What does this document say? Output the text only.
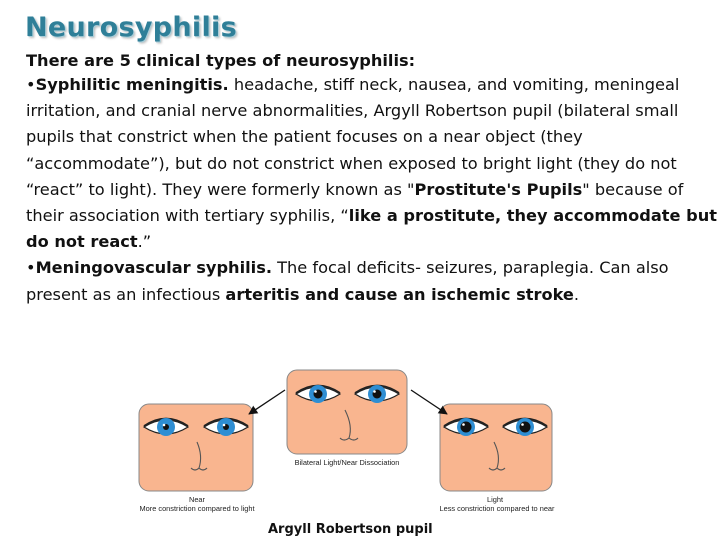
Neurosyphilis

There are 5 clinical types of neurosyphilis:

•Syphilitic meningitis. headache, stiff neck, nausea, and vomiting, meningeal irritation, and cranial nerve abnormalities, Argyll Robertson pupil (bilateral small pupils that constrict when the patient focuses on a near object (they “accommodate”), but do not constrict when exposed to bright light (they do not “react” to light). They were formerly known as "Prostitute's Pupils" because of their association with tertiary syphilis, “like a prostitute, they accommodate but do not react.”

•Meningovascular syphilis. The focal deficits- seizures, paraplegia. Can also present as an infectious arteritis and cause an ischemic stroke.

Bilateral Light/Near Dissociation
Near
More constriction compared to light
Light
Less constriction compared to near
Argyll Robertson pupil
